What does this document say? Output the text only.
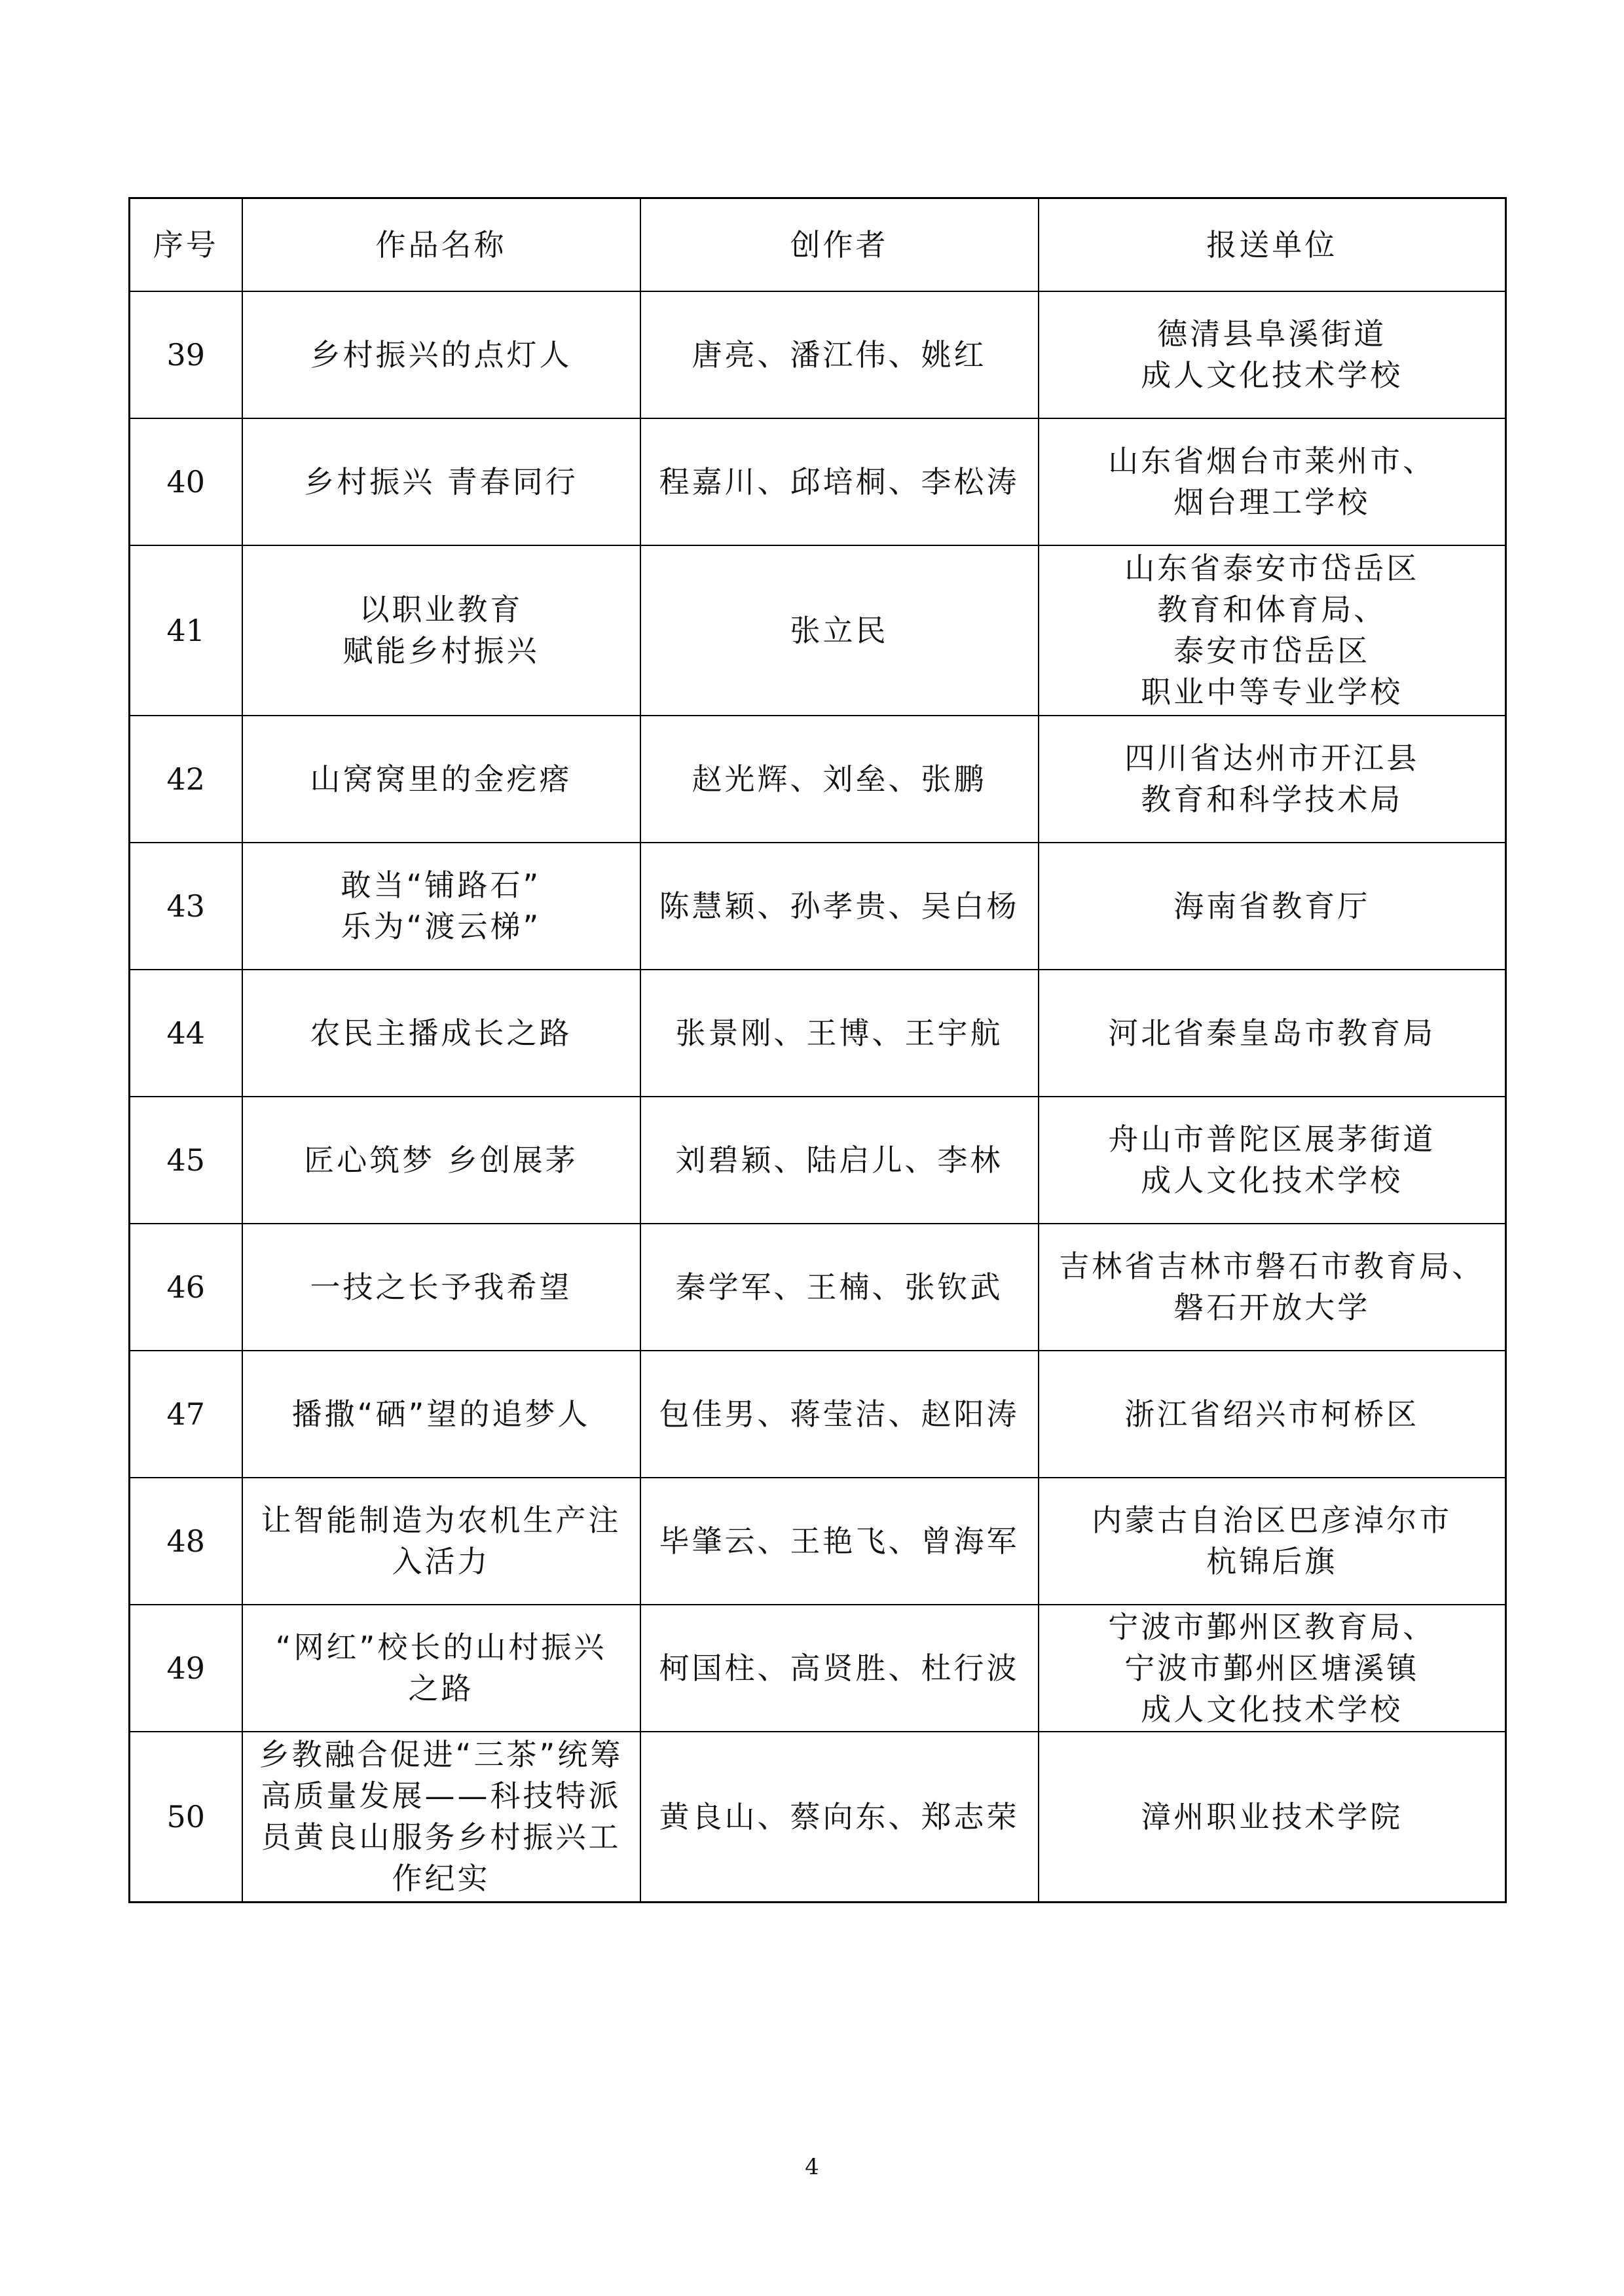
序号	作品名称	创作者	报送单位
39	乡村振兴的点灯人	唐亮、潘江伟、姚红	德清县阜溪街道
成人文化技术学校

40	乡村振兴 青春同行	程嘉川、邱培桐、李松涛	山东省烟台市莱州市、
烟台理工学校

41	以职业教育
赋能乡村振兴	张立民	山东省泰安市岱岳区
教育和体育局、
泰安市岱岳区
职业中等专业学校

42	山窝窝里的金疙瘩	赵光辉、刘垒、张鹏	四川省达州市开江县
教育和科学技术局

43	敢当“铺路石”
乐为“渡云梯”	陈慧颖、孙孝贵、吴白杨	海南省教育厅

44	农民主播成长之路	张景刚、王博、王宇航	河北省秦皇岛市教育局

45	匠心筑梦 乡创展茅	刘碧颖、陆启儿、李林	舟山市普陀区展茅街道
成人文化技术学校

46	一技之长予我希望	秦学军、王楠、张钦武	吉林省吉林市磐石市教育局、
磐石开放大学

47	播撒“硒”望的追梦人	包佳男、蒋莹洁、赵阳涛	浙江省绍兴市柯桥区

48	让智能制造为农机生产注
入活力	毕肇云、王艳飞、曾海军	内蒙古自治区巴彦淖尔市
杭锦后旗

49	“网红”校长的山村振兴
之路	柯国柱、高贤胜、杜行波	宁波市鄞州区教育局、
宁波市鄞州区塘溪镇
成人文化技术学校

50	乡教融合促进“三茶”统筹
高质量发展——科技特派
员黄良山服务乡村振兴工
作纪实	黄良山、蔡向东、郑志荣	漳州职业技术学院
4
